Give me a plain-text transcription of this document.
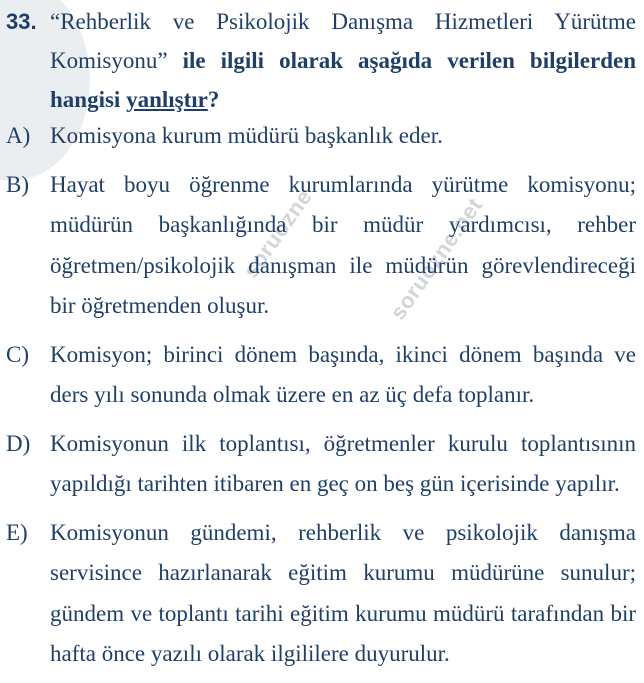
soruozne	soruozne.net
33. “Rehberlik ve Psikolojik Danışma Hizmetleri Yürütme Komisyonu” ile ilgili olarak aşağıda verilen bilgilerden hangisi yanlıştır?
A) Komisyona kurum müdürü başkanlık eder.
B) Hayat boyu öğrenme kurumlarında yürütme komisyonu; müdürün başkanlığında bir müdür yardımcısı, rehber öğretmen/psikolojik danışman ile müdürün görevlendireceği bir öğretmenden oluşur.
C) Komisyon; birinci dönem başında, ikinci dönem başında ve ders yılı sonunda olmak üzere en az üç defa toplanır.
D) Komisyonun ilk toplantısı, öğretmenler kurulu toplantısının yapıldığı tarihten itibaren en geç on beş gün içerisinde yapılır.
E) Komisyonun gündemi, rehberlik ve psikolojik danışma servisince hazırlanarak eğitim kurumu müdürüne sunulur; gündem ve toplantı tarihi eğitim kurumu müdürü tarafından bir hafta önce yazılı olarak ilgililere duyurulur.
